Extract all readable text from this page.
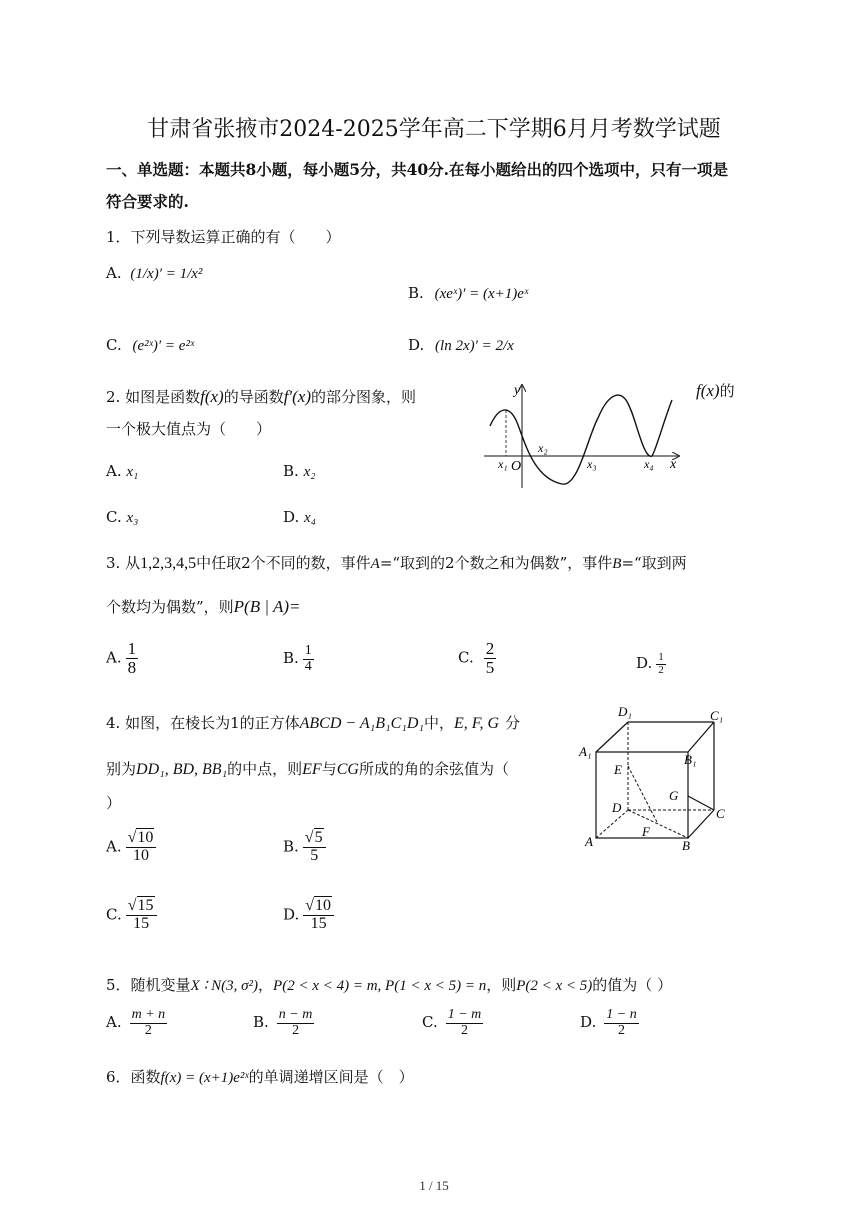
甘肃省张掖市2024-2025学年高二下学期6月月考数学试题
一、单选题：本题共8小题，每小题5分，共40分.在每小题给出的四个选项中，只有一项是
符合要求的.
1．下列导数运算正确的有（　　）
A. (1/x)′ = 1/x²
B. (xeˣ)′ = (x+1)eˣ
C. (e²ˣ)′ = e²ˣ	D. (ln 2x)′ = 2/x
2. 如图是函数f(x)的导函数f′(x)的部分图象，则	f(x)的
一个极大值点为（　　）
A. x₁	B. x₂
C. x₃	D. x₄
y
x
O
x₁
x₂
x₃	x₄
3. 从1,2,3,4,5中任取2个不同的数，事件A=“取到的2个数之和为偶数”，事件B=“取到两
个数均为偶数”，则P(B | A)=
A. $\frac{1}{8}$	B. $\frac{1}{4}$	C. $\frac{2}{5}$	D. $\frac{1}{2}$
4. 如图，在棱长为1的正方体ABCD − A₁B₁C₁D₁中，E, F, G 分
别为DD₁, BD, BB₁的中点，则EF与CG所成的角的余弦值为（
）
A. $\frac{√10}{10}$	B. $\frac{√5}{5}$
C. $\frac{√15}{15}$	D. $\frac{√10}{15}$
D₁	C₁
A₁
B₁
E
G
D	C
F
A	B
5．随机变量X ∶ N(3, σ²)，P(2 < x < 4) = m, P(1 < x < 5) = n，则P(2 < x < 5)的值为（ ）
A. $\frac{m + n}{2}$	B. $\frac{n - m}{2}$	C. $\frac{1 - m}{2}$	D. $\frac{1 - n}{2}$
6．函数f(x) = (x+1)e²ˣ的单调递增区间是（　）
1 / 15
